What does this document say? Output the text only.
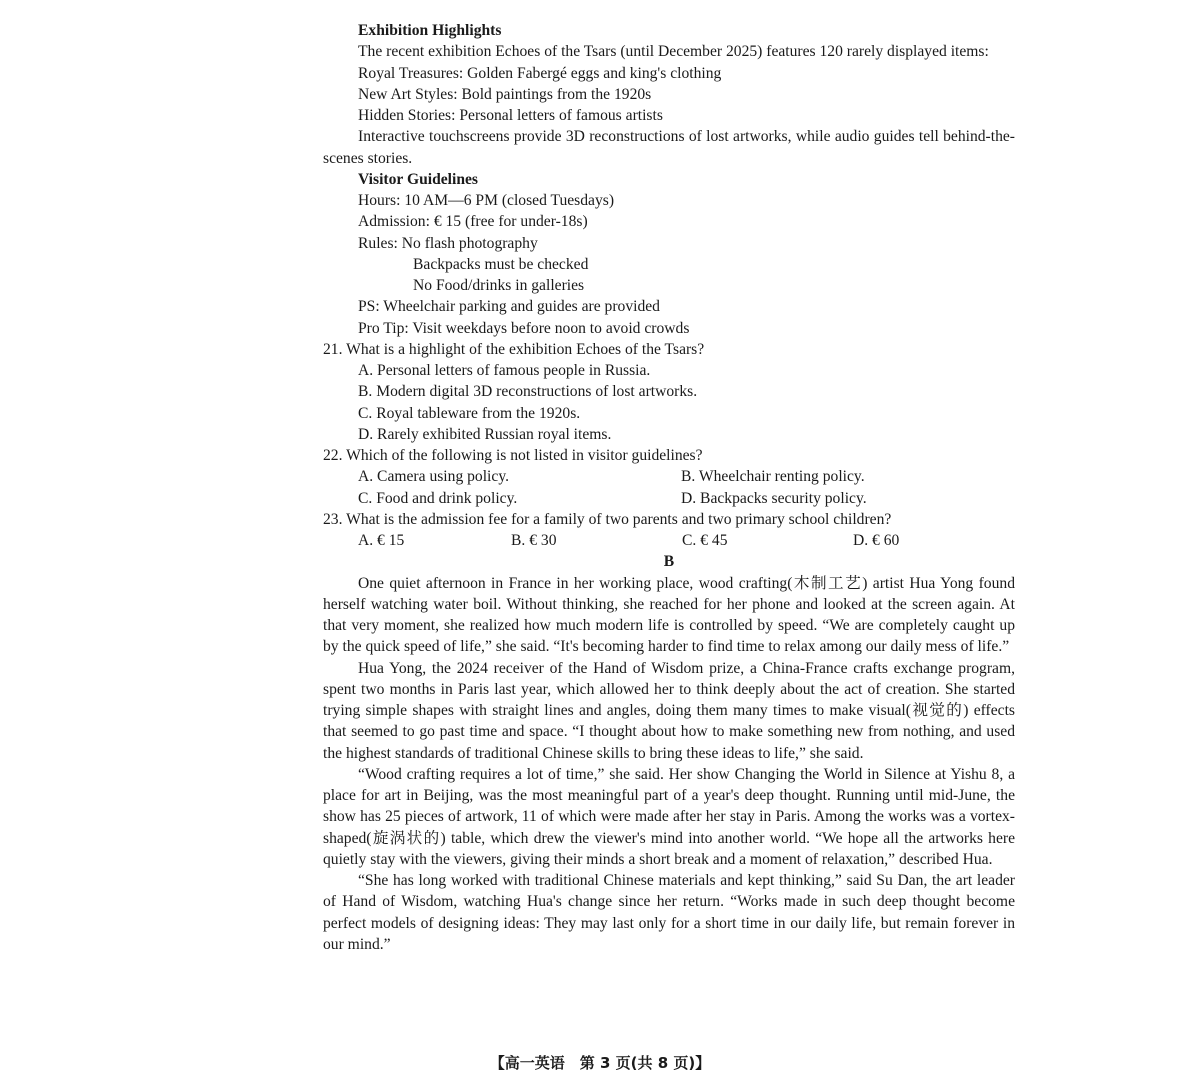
Exhibition Highlights

The recent exhibition Echoes of the Tsars (until December 2025) features 120 rarely displayed items:

Royal Treasures: Golden Fabergé eggs and king's clothing

New Art Styles: Bold paintings from the 1920s

Hidden Stories: Personal letters of famous artists

Interactive touchscreens provide 3D reconstructions of lost artworks, while audio guides tell behind-the-scenes stories.

Visitor Guidelines

Hours: 10 AM—6 PM (closed Tuesdays)

Admission: € 15 (free for under-18s)

Rules: No flash photography

Backpacks must be checked

No Food/drinks in galleries

PS: Wheelchair parking and guides are provided

Pro Tip: Visit weekdays before noon to avoid crowds

21. What is a highlight of the exhibition Echoes of the Tsars?

A. Personal letters of famous people in Russia.

B. Modern digital 3D reconstructions of lost artworks.

C. Royal tableware from the 1920s.

D. Rarely exhibited Russian royal items.

22. Which of the following is not listed in visitor guidelines?

A. Camera using policy.	B. Wheelchair renting policy.
C. Food and drink policy.	D. Backpacks security policy.

23. What is the admission fee for a family of two parents and two primary school children?

A. € 15	B. € 30	C. € 45	D. € 60

B

One quiet afternoon in France in her working place, wood crafting(木制工艺) artist Hua Yong found herself watching water boil. Without thinking, she reached for her phone and looked at the screen again. At that very moment, she realized how much modern life is controlled by speed. “We are completely caught up by the quick speed of life,” she said. “It's becoming harder to find time to relax among our daily mess of life.”

Hua Yong, the 2024 receiver of the Hand of Wisdom prize, a China-France crafts exchange program, spent two months in Paris last year, which allowed her to think deeply about the act of creation. She started trying simple shapes with straight lines and angles, doing them many times to make visual(视觉的) effects that seemed to go past time and space. “I thought about how to make something new from nothing, and used the highest standards of traditional Chinese skills to bring these ideas to life,” she said.

“Wood crafting requires a lot of time,” she said. Her show Changing the World in Silence at Yishu 8, a place for art in Beijing, was the most meaningful part of a year's deep thought. Running until mid-June, the show has 25 pieces of artwork, 11 of which were made after her stay in Paris. Among the works was a vortex-shaped(旋涡状的) table, which drew the viewer's mind into another world. “We hope all the artworks here quietly stay with the viewers, giving their minds a short break and a moment of relaxation,” described Hua.

“She has long worked with traditional Chinese materials and kept thinking,” said Su Dan, the art leader of Hand of Wisdom, watching Hua's change since her return. “Works made in such deep thought become perfect models of designing ideas: They may last only for a short time in our daily life, but remain forever in our mind.”

【高一英语　第 3 页(共 8 页)】
